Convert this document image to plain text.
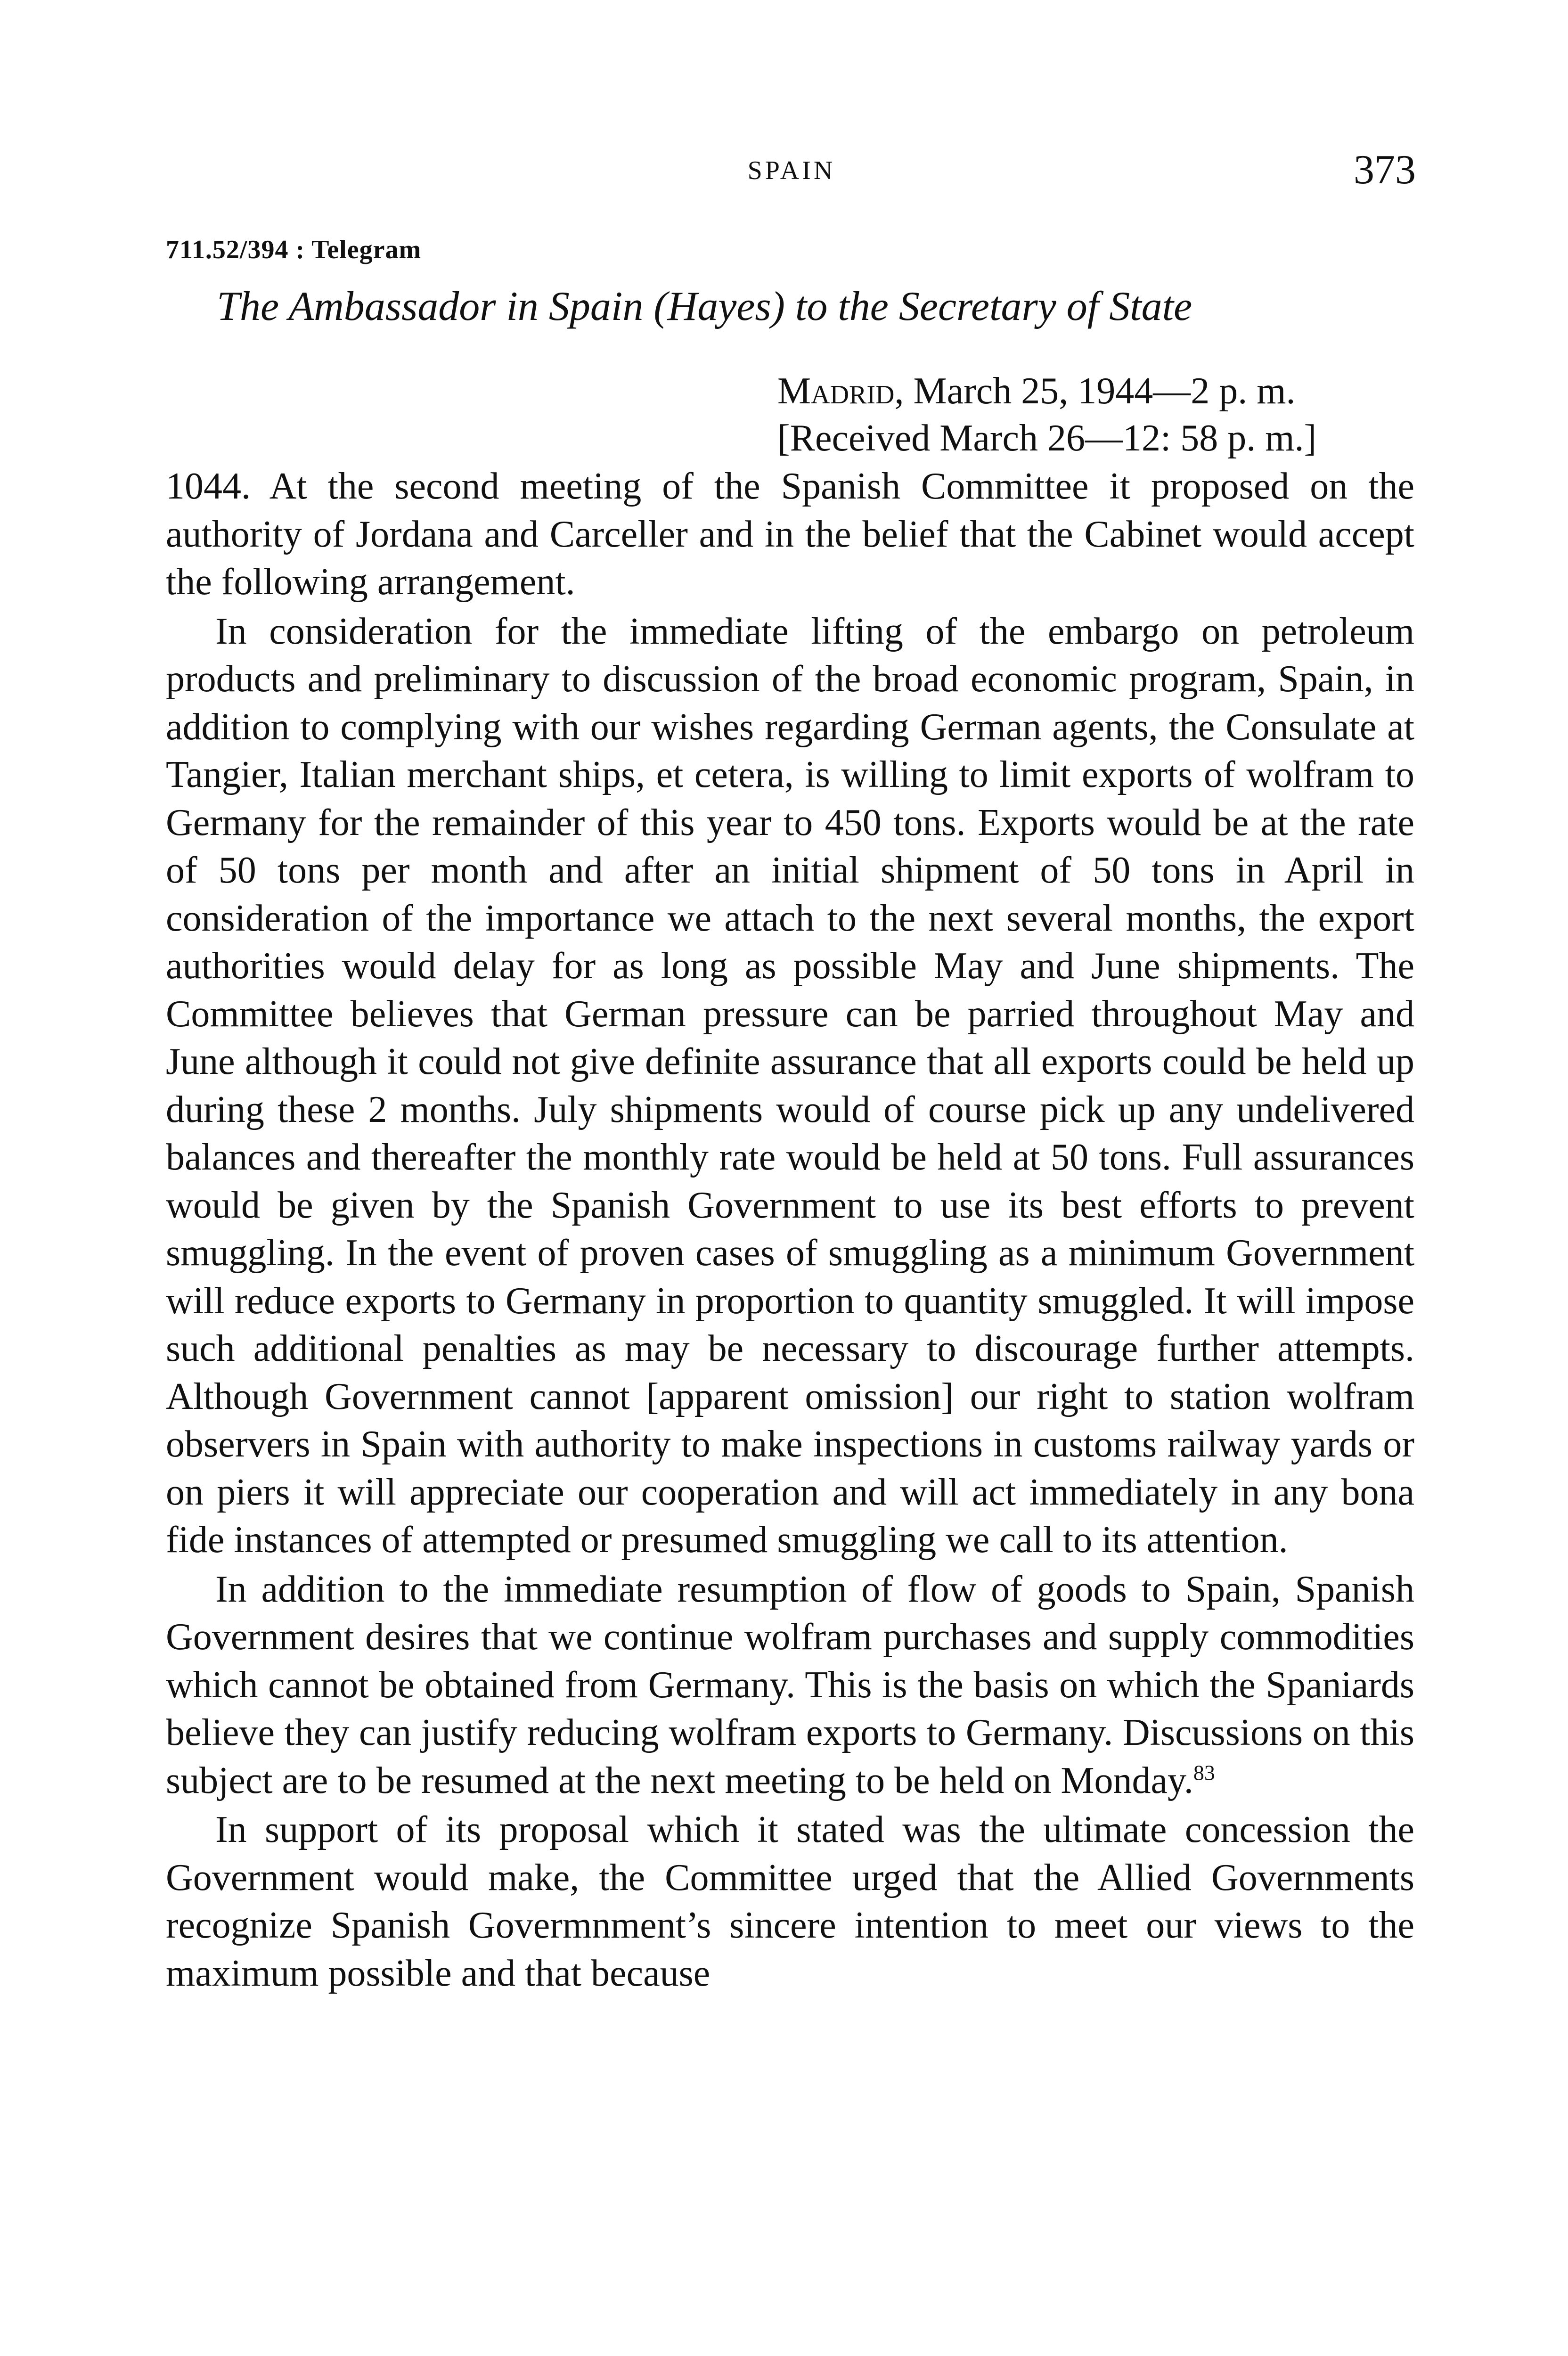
SPAIN	373
711.52/394 : Telegram
The Ambassador in Spain (Hayes) to the Secretary of State
Madrid, March 25, 1944—2 p. m.
[Received March 26—12: 58 p. m.]

1044. At the second meeting of the Spanish Committee it proposed on the authority of Jordana and Carceller and in the belief that the Cabinet would accept the following arrangement.

In consideration for the immediate lifting of the embargo on petroleum products and preliminary to discussion of the broad economic program, Spain, in addition to complying with our wishes regarding German agents, the Consulate at Tangier, Italian merchant ships, et cetera, is willing to limit exports of wolfram to Germany for the remainder of this year to 450 tons. Exports would be at the rate of 50 tons per month and after an initial shipment of 50 tons in April in consideration of the importance we attach to the next several months, the export authorities would delay for as long as possible May and June shipments. The Committee believes that German pressure can be parried throughout May and June although it could not give definite assurance that all exports could be held up during these 2 months. July shipments would of course pick up any undelivered balances and thereafter the monthly rate would be held at 50 tons. Full assurances would be given by the Spanish Government to use its best efforts to prevent smuggling. In the event of proven cases of smuggling as a minimum Government will reduce exports to Germany in proportion to quantity smuggled. It will impose such additional penalties as may be necessary to discourage further attempts. Although Government cannot [apparent omission] our right to station wolfram observers in Spain with authority to make inspections in customs railway yards or on piers it will appreciate our cooperation and will act immediately in any bona fide instances of attempted or presumed smuggling we call to its attention.

In addition to the immediate resumption of flow of goods to Spain, Spanish Government desires that we continue wolfram purchases and supply commodities which cannot be obtained from Germany. This is the basis on which the Spaniards believe they can justify reducing wolfram exports to Germany. Discussions on this subject are to be resumed at the next meeting to be held on Monday.$^{83}$

In support of its proposal which it stated was the ultimate concession the Government would make, the Committee urged that the Allied Governments recognize Spanish Govermnment’s sincere intention to meet our views to the maximum possible and that because
